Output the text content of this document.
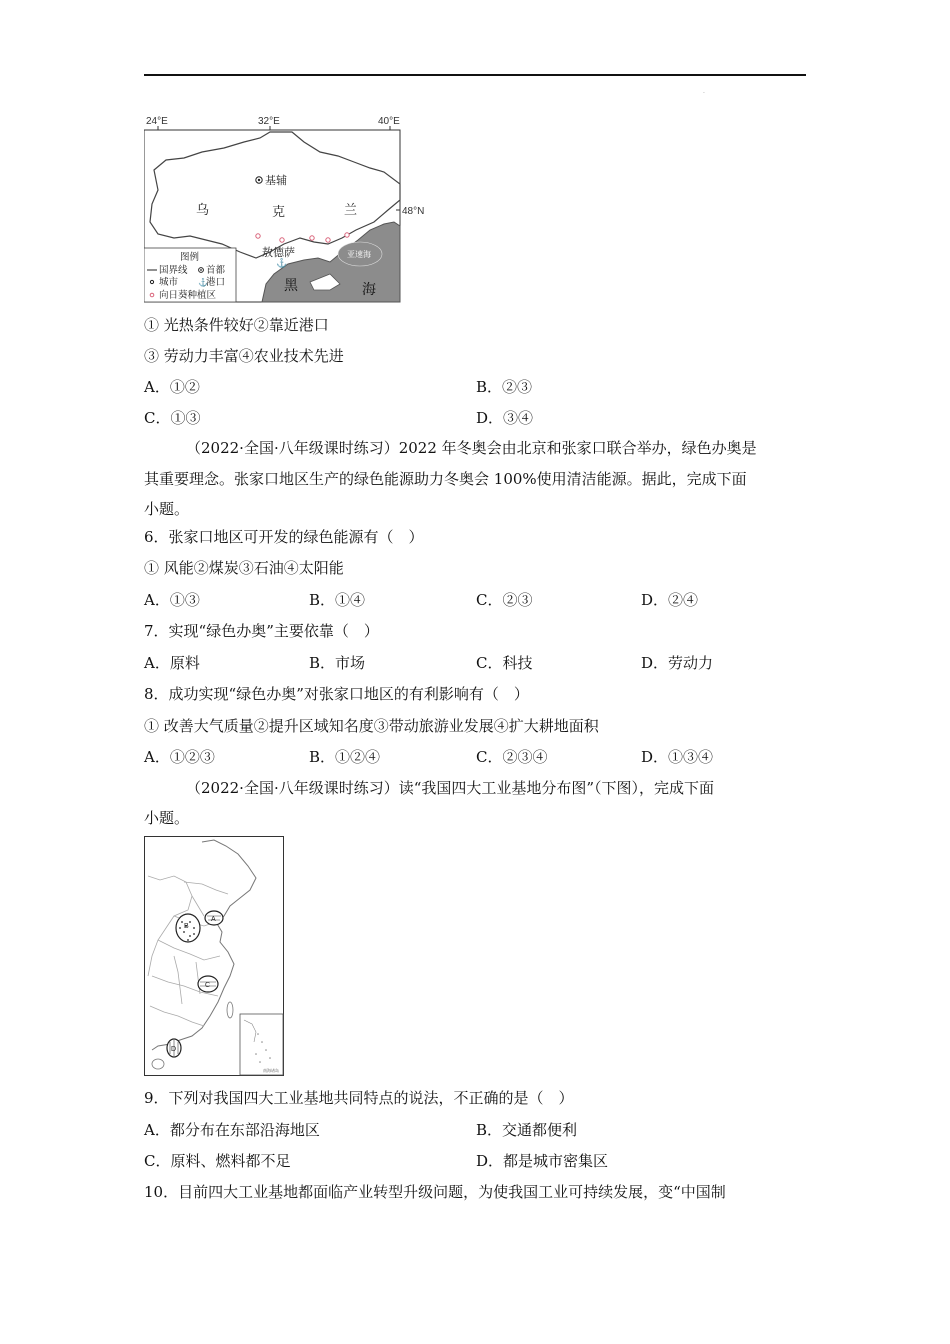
.
24°E	32°E	40°E
基辅
乌	克	兰	48°N
敖德萨
⚓
亚速海
黑	海
图例
国界线 首都
城市 ⚓
港口
向日葵种植区
① 光热条件较好②靠近港口
③ 劳动力丰富④农业技术先进
A．①②	B．②③
C．①③	D．③④
（2022·全国·八年级课时练习）2022 年冬奥会由北京和张家口联合举办，绿色办奥是
其重要理念。张家口地区生产的绿色能源助力冬奥会 100%使用清洁能源。据此，完成下面
小题。
6．张家口地区可开发的绿色能源有（　）
① 风能②煤炭③石油④太阳能
A．①③	B．①④	C．②③	D．②④
7．实现“绿色办奥”主要依靠（　）
A．原料	B．市场	C．科技	D．劳动力
8．成功实现“绿色办奥”对张家口地区的有利影响有（　）
① 改善大气质量②提升区域知名度③带动旅游业发展④扩大耕地面积
A．①②③	B．①②④	C．②③④	D．①③④
（2022·全国·八年级课时练习）读“我国四大工业基地分布图”（下图），完成下面
小题。
B
A
C
D
南海诸岛
9．下列对我国四大工业基地共同特点的说法，不正确的是（　）
A．都分布在东部沿海地区	B．交通都便利
C．原料、燃料都不足	D．都是城市密集区
10．目前四大工业基地都面临产业转型升级问题，为使我国工业可持续发展，变“中国制
